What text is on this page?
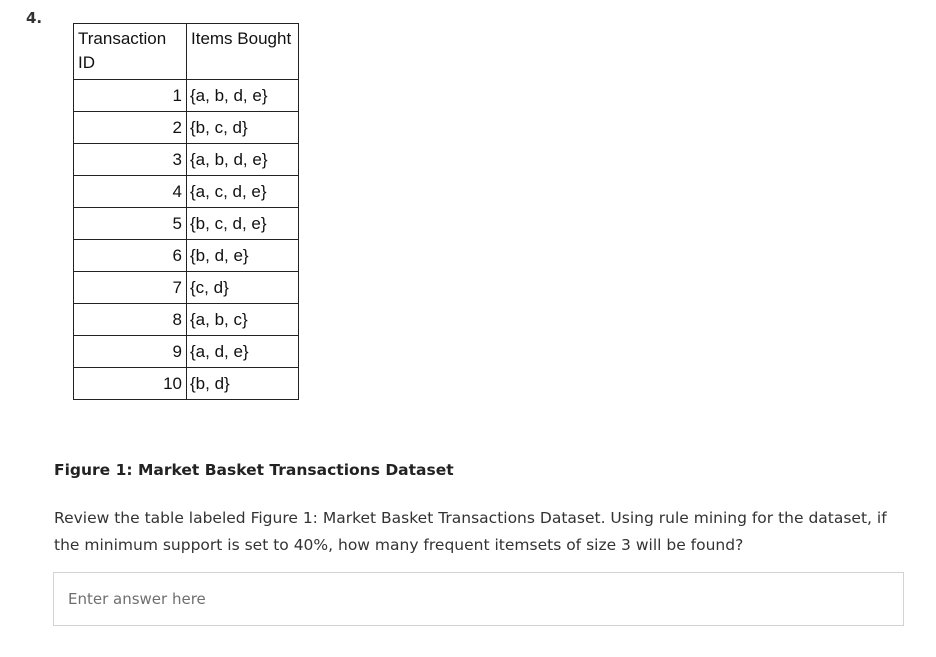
4.
Transaction ID	Items Bought
1	{a, b, d, e}
2	{b, c, d}
3	{a, b, d, e}
4	{a, c, d, e}
5	{b, c, d, e}
6	{b, d, e}
7	{c, d}
8	{a, b, c}
9	{a, d, e}
10	{b, d}
Figure 1: Market Basket Transactions Dataset
Review the table labeled Figure 1: Market Basket Transactions Dataset. Using rule mining for the dataset, if the minimum support is set to 40%, how many frequent itemsets of size 3 will be found?
Enter answer here
